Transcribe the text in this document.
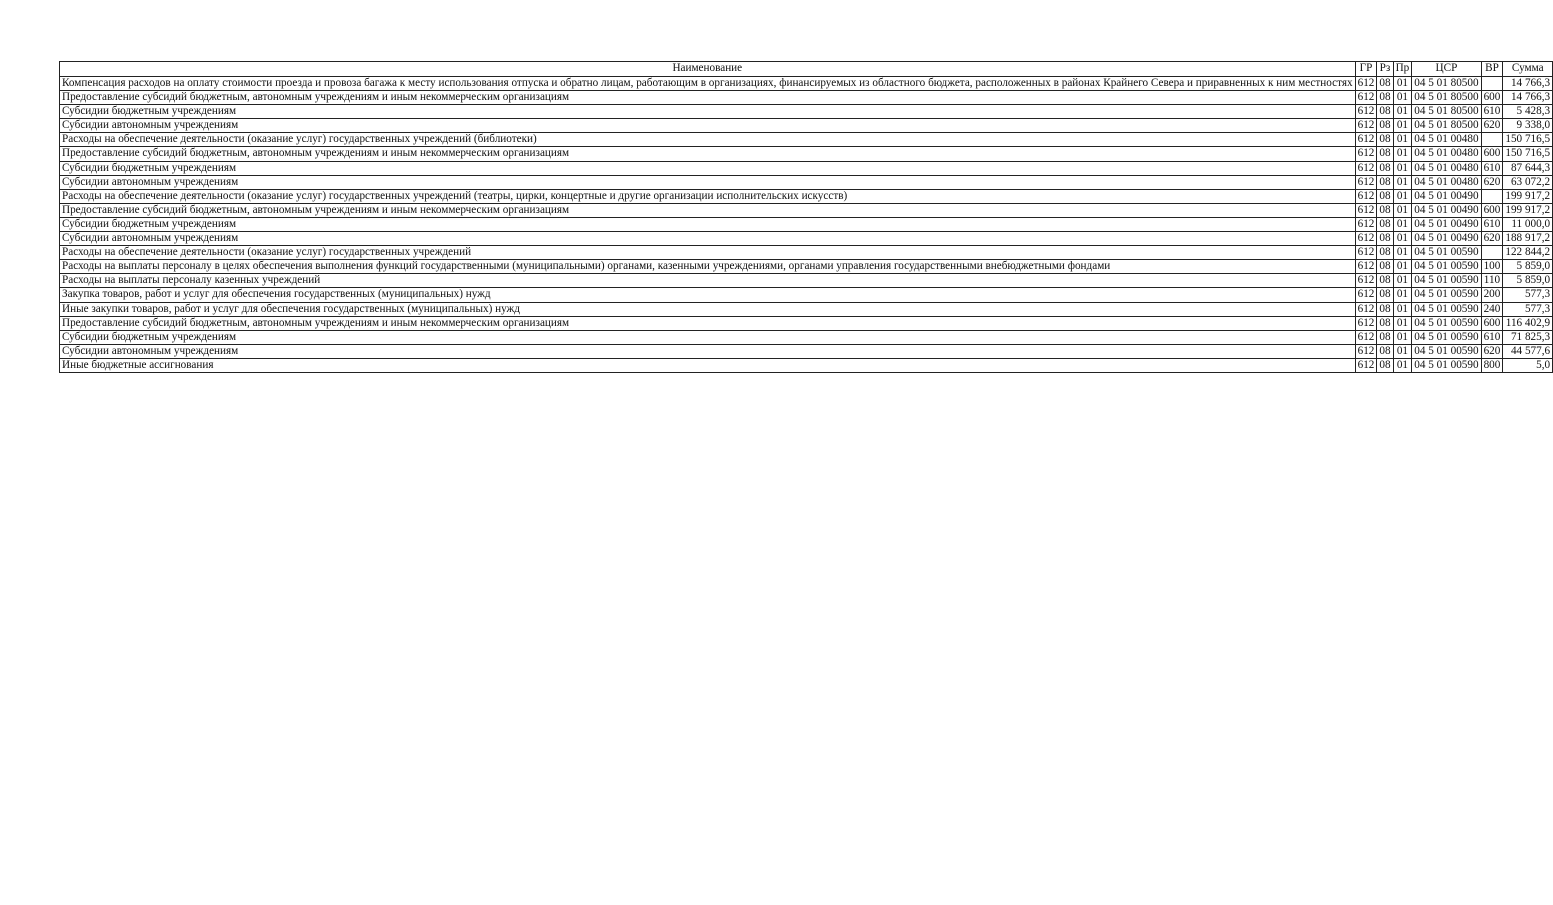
Наименование	ГР	Рз	Пр	ЦСР	ВР	Сумма
Компенсация расходов на оплату стоимости проезда и провоза багажа к месту использования отпуска и обратно лицам, работающим в организациях, финансируемых из областного бюджета, расположенных в районах Крайнего Севера и приравненных к ним местностях	612	08	01	04 5 01 80500		14 766,3
Предоставление субсидий бюджетным, автономным учреждениям и иным некоммерческим организациям	612	08	01	04 5 01 80500	600	14 766,3
Субсидии бюджетным учреждениям	612	08	01	04 5 01 80500	610	5 428,3
Субсидии автономным учреждениям	612	08	01	04 5 01 80500	620	9 338,0
Расходы на обеспечение деятельности (оказание услуг) государственных учреждений (библиотеки)	612	08	01	04 5 01 00480		150 716,5
Предоставление субсидий бюджетным, автономным учреждениям и иным некоммерческим организациям	612	08	01	04 5 01 00480	600	150 716,5
Субсидии бюджетным учреждениям	612	08	01	04 5 01 00480	610	87 644,3
Субсидии автономным учреждениям	612	08	01	04 5 01 00480	620	63 072,2
Расходы на обеспечение деятельности (оказание услуг) государственных учреждений (театры, цирки, концертные и другие организации исполнительских искусств)	612	08	01	04 5 01 00490		199 917,2
Предоставление субсидий бюджетным, автономным учреждениям и иным некоммерческим организациям	612	08	01	04 5 01 00490	600	199 917,2
Субсидии бюджетным учреждениям	612	08	01	04 5 01 00490	610	11 000,0
Субсидии автономным учреждениям	612	08	01	04 5 01 00490	620	188 917,2
Расходы на обеспечение деятельности (оказание услуг) государственных учреждений	612	08	01	04 5 01 00590		122 844,2
Расходы на выплаты персоналу в целях обеспечения выполнения функций государственными (муниципальными) органами, казенными учреждениями, органами управления государственными внебюджетными фондами	612	08	01	04 5 01 00590	100	5 859,0
Расходы на выплаты персоналу казенных учреждений	612	08	01	04 5 01 00590	110	5 859,0
Закупка товаров, работ и услуг для обеспечения государственных (муниципальных) нужд	612	08	01	04 5 01 00590	200	577,3
Иные закупки товаров, работ и услуг для обеспечения государственных (муниципальных) нужд	612	08	01	04 5 01 00590	240	577,3
Предоставление субсидий бюджетным, автономным учреждениям и иным некоммерческим организациям	612	08	01	04 5 01 00590	600	116 402,9
Субсидии бюджетным учреждениям	612	08	01	04 5 01 00590	610	71 825,3
Субсидии автономным учреждениям	612	08	01	04 5 01 00590	620	44 577,6
Иные бюджетные ассигнования	612	08	01	04 5 01 00590	800	5,0
